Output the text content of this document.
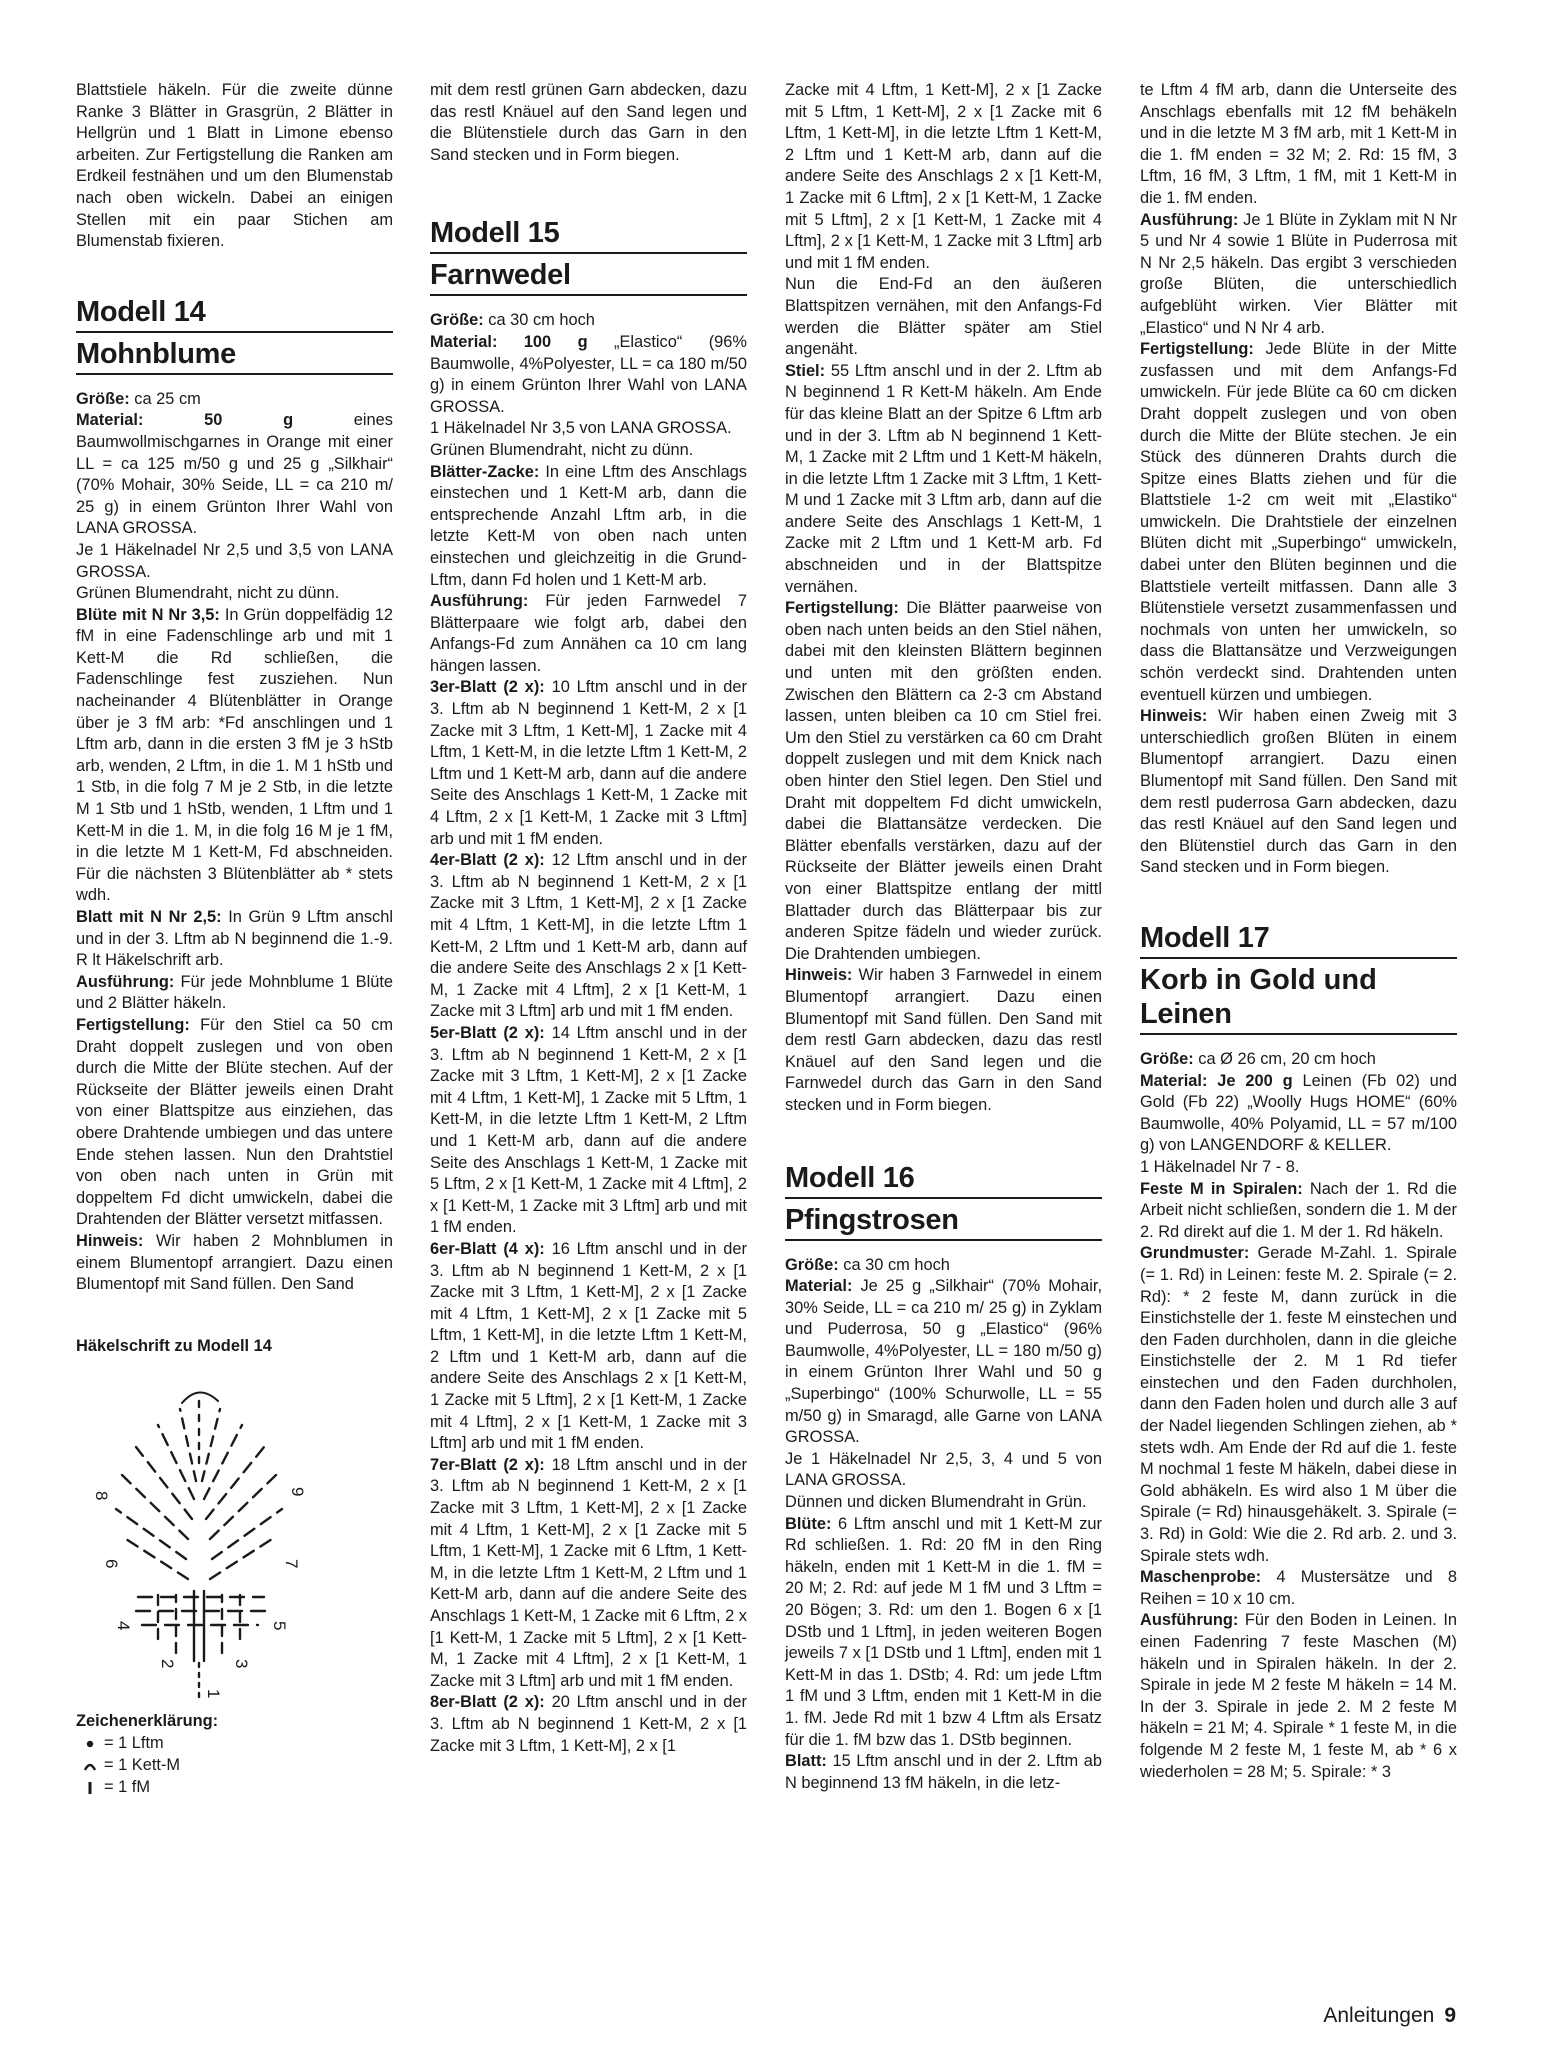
Blattstiele häkeln. Für die zweite dünne Ranke 3 Blätter in Grasgrün, 2 Blätter in Hellgrün und 1 Blatt in Limone ebenso arbeiten. Zur Fertigstellung die Ranken am Erdkeil festnähen und um den Blumenstab nach oben wickeln. Dabei an einigen Stellen mit ein paar Stichen am Blumenstab fixieren.

Modell 14
Mohnblume

Größe: ca 25 cm

Material: 50 g eines Baumwollmischgarnes in Orange mit einer LL = ca 125 m/50 g und 25 g „Silkhair“ (70% Mohair, 30% Seide, LL = ca 210 m/ 25 g) in einem Grünton Ihrer Wahl von LANA GROSSA.

Je 1 Häkelnadel Nr 2,5 und 3,5 von LANA GROSSA.

Grünen Blumendraht, nicht zu dünn.

Blüte mit N Nr 3,5: In Grün doppelfädig 12 fM in eine Fadenschlinge arb und mit 1 Kett-M die Rd schließen, die Fadenschlinge fest zusziehen. Nun nacheinander 4 Blütenblätter in Orange über je 3 fM arb: *Fd anschlingen und 1 Lftm arb, dann in die ersten 3 fM je 3 hStb arb, wenden, 2 Lftm, in die 1. M 1 hStb und 1 Stb, in die folg 7 M je 2 Stb, in die letzte M 1 Stb und 1 hStb, wenden, 1 Lftm und 1 Kett-M in die 1. M, in die folg 16 M je 1 fM, in die letzte M 1 Kett-M, Fd abschneiden. Für die nächsten 3 Blütenblätter ab * stets wdh.

Blatt mit N Nr 2,5: In Grün 9 Lftm anschl und in der 3. Lftm ab N beginnend die 1.-9. R lt Häkelschrift arb.

Ausführung: Für jede Mohnblume 1 Blüte und 2 Blätter häkeln.

Fertigstellung: Für den Stiel ca 50 cm Draht doppelt zuslegen und von oben durch die Mitte der Blüte stechen. Auf der Rückseite der Blätter jeweils einen Draht von einer Blattspitze aus einziehen, das obere Drahtende umbiegen und das untere Ende stehen lassen. Nun den Drahtstiel von oben nach unten in Grün mit doppeltem Fd dicht umwickeln, dabei die Drahtenden der Blätter versetzt mitfassen.

Hinweis: Wir haben 2 Mohnblumen in einem Blumentopf arrangiert. Dazu einen Blumentopf mit Sand füllen. Den Sand

Häkelschrift zu Modell 14
1
2	3
4	5
6	7
8	9
Zeichenerklärung:
= 1 Lftm
= 1 Kett-M
= 1 fM

mit dem restl grünen Garn abdecken, dazu das restl Knäuel auf den Sand legen und die Blütenstiele durch das Garn in den Sand stecken und in Form biegen.

Modell 15
Farnwedel

Größe: ca 30 cm hoch

Material: 100 g „Elastico“ (96% Baumwolle, 4%Polyester, LL = ca 180 m/50 g) in einem Grünton Ihrer Wahl von LANA GROSSA.

1 Häkelnadel Nr 3,5 von LANA GROSSA.

Grünen Blumendraht, nicht zu dünn.

Blätter-Zacke: In eine Lftm des Anschlags einstechen und 1 Kett-M arb, dann die entsprechende Anzahl Lftm arb, in die letzte Kett-M von oben nach unten einstechen und gleichzeitig in die Grund-Lftm, dann Fd holen und 1 Kett-M arb.

Ausführung: Für jeden Farnwedel 7 Blätterpaare wie folgt arb, dabei den Anfangs-Fd zum Annähen ca 10 cm lang hängen lassen.

3er-Blatt (2 x): 10 Lftm anschl und in der 3. Lftm ab N beginnend 1 Kett-M, 2 x [1 Zacke mit 3 Lftm, 1 Kett-M], 1 Zacke mit 4 Lftm, 1 Kett-M, in die letzte Lftm 1 Kett-M, 2 Lftm und 1 Kett-M arb, dann auf die andere Seite des Anschlags 1 Kett-M, 1 Zacke mit 4 Lftm, 2 x [1 Kett-M, 1 Zacke mit 3 Lftm] arb und mit 1 fM enden.

4er-Blatt (2 x): 12 Lftm anschl und in der 3. Lftm ab N beginnend 1 Kett-M, 2 x [1 Zacke mit 3 Lftm, 1 Kett-M], 2 x [1 Zacke mit 4 Lftm, 1 Kett-M], in die letzte Lftm 1 Kett-M, 2 Lftm und 1 Kett-M arb, dann auf die andere Seite des Anschlags 2 x [1 Kett-M, 1 Zacke mit 4 Lftm], 2 x [1 Kett-M, 1 Zacke mit 3 Lftm] arb und mit 1 fM enden.

5er-Blatt (2 x): 14 Lftm anschl und in der 3. Lftm ab N beginnend 1 Kett-M, 2 x [1 Zacke mit 3 Lftm, 1 Kett-M], 2 x [1 Zacke mit 4 Lftm, 1 Kett-M], 1 Zacke mit 5 Lftm, 1 Kett-M, in die letzte Lftm 1 Kett-M, 2 Lftm und 1 Kett-M arb, dann auf die andere Seite des Anschlags 1 Kett-M, 1 Zacke mit 5 Lftm, 2 x [1 Kett-M, 1 Zacke mit 4 Lftm], 2 x [1 Kett-M, 1 Zacke mit 3 Lftm] arb und mit 1 fM enden.

6er-Blatt (4 x): 16 Lftm anschl und in der 3. Lftm ab N beginnend 1 Kett-M, 2 x [1 Zacke mit 3 Lftm, 1 Kett-M], 2 x [1 Zacke mit 4 Lftm, 1 Kett-M], 2 x [1 Zacke mit 5 Lftm, 1 Kett-M], in die letzte Lftm 1 Kett-M, 2 Lftm und 1 Kett-M arb, dann auf die andere Seite des Anschlags 2 x [1 Kett-M, 1 Zacke mit 5 Lftm], 2 x [1 Kett-M, 1 Zacke mit 4 Lftm], 2 x [1 Kett-M, 1 Zacke mit 3 Lftm] arb und mit 1 fM enden.

7er-Blatt (2 x): 18 Lftm anschl und in der 3. Lftm ab N beginnend 1 Kett-M, 2 x [1 Zacke mit 3 Lftm, 1 Kett-M], 2 x [1 Zacke mit 4 Lftm, 1 Kett-M], 2 x [1 Zacke mit 5 Lftm, 1 Kett-M], 1 Zacke mit 6 Lftm, 1 Kett-M, in die letzte Lftm 1 Kett-M, 2 Lftm und 1 Kett-M arb, dann auf die andere Seite des Anschlags 1 Kett-M, 1 Zacke mit 6 Lftm, 2 x [1 Kett-M, 1 Zacke mit 5 Lftm], 2 x [1 Kett-M, 1 Zacke mit 4 Lftm], 2 x [1 Kett-M, 1 Zacke mit 3 Lftm] arb und mit 1 fM enden.

8er-Blatt (2 x): 20 Lftm anschl und in der 3. Lftm ab N beginnend 1 Kett-M, 2 x [1 Zacke mit 3 Lftm, 1 Kett-M], 2 x [1

Zacke mit 4 Lftm, 1 Kett-M], 2 x [1 Zacke mit 5 Lftm, 1 Kett-M], 2 x [1 Zacke mit 6 Lftm, 1 Kett-M], in die letzte Lftm 1 Kett-M, 2 Lftm und 1 Kett-M arb, dann auf die andere Seite des Anschlags 2 x [1 Kett-M, 1 Zacke mit 6 Lftm], 2 x [1 Kett-M, 1 Zacke mit 5 Lftm], 2 x [1 Kett-M, 1 Zacke mit 4 Lftm], 2 x [1 Kett-M, 1 Zacke mit 3 Lftm] arb und mit 1 fM enden.

Nun die End-Fd an den äußeren Blattspitzen vernähen, mit den Anfangs-Fd werden die Blätter später am Stiel angenäht.

Stiel: 55 Lftm anschl und in der 2. Lftm ab N beginnend 1 R Kett-M häkeln. Am Ende für das kleine Blatt an der Spitze 6 Lftm arb und in der 3. Lftm ab N beginnend 1 Kett-M, 1 Zacke mit 2 Lftm und 1 Kett-M häkeln, in die letzte Lftm 1 Zacke mit 3 Lftm, 1 Kett-M und 1 Zacke mit 3 Lftm arb, dann auf die andere Seite des Anschlags 1 Kett-M, 1 Zacke mit 2 Lftm und 1 Kett-M arb. Fd abschneiden und in der Blattspitze vernähen.

Fertigstellung: Die Blätter paarweise von oben nach unten beids an den Stiel nähen, dabei mit den kleinsten Blättern beginnen und unten mit den größten enden. Zwischen den Blättern ca 2-3 cm Abstand lassen, unten bleiben ca 10 cm Stiel frei. Um den Stiel zu verstärken ca 60 cm Draht doppelt zuslegen und mit dem Knick nach oben hinter den Stiel legen. Den Stiel und Draht mit doppeltem Fd dicht umwickeln, dabei die Blattansätze verdecken. Die Blätter ebenfalls verstärken, dazu auf der Rückseite der Blätter jeweils einen Draht von einer Blattspitze entlang der mittl Blattader durch das Blätterpaar bis zur anderen Spitze fädeln und wieder zurück. Die Drahtenden umbiegen.

Hinweis: Wir haben 3 Farnwedel in einem Blumentopf arrangiert. Dazu einen Blumentopf mit Sand füllen. Den Sand mit dem restl Garn abdecken, dazu das restl Knäuel auf den Sand legen und die Farnwedel durch das Garn in den Sand stecken und in Form biegen.

Modell 16
Pfingstrosen

Größe: ca 30 cm hoch

Material: Je 25 g „Silkhair“ (70% Mohair, 30% Seide, LL = ca 210 m/ 25 g) in Zyklam und Puderrosa, 50 g „Elastico“ (96% Baumwolle, 4%Polyester, LL = 180 m/50 g) in einem Grünton Ihrer Wahl und 50 g „Superbingo“ (100% Schurwolle, LL = 55 m/50 g) in Smaragd, alle Garne von LANA GROSSA.

Je 1 Häkelnadel Nr 2,5, 3, 4 und 5 von LANA GROSSA.

Dünnen und dicken Blumendraht in Grün.

Blüte: 6 Lftm anschl und mit 1 Kett-M zur Rd schließen. 1. Rd: 20 fM in den Ring häkeln, enden mit 1 Kett-M in die 1. fM = 20 M; 2. Rd: auf jede M 1 fM und 3 Lftm = 20 Bögen; 3. Rd: um den 1. Bogen 6 x [1 DStb und 1 Lftm], in jeden weiteren Bogen jeweils 7 x [1 DStb und 1 Lftm], enden mit 1 Kett-M in das 1. DStb; 4. Rd: um jede Lftm 1 fM und 3 Lftm, enden mit 1 Kett-M in die 1. fM. Jede Rd mit 1 bzw 4 Lftm als Ersatz für die 1. fM bzw das 1. DStb beginnen.

Blatt: 15 Lftm anschl und in der 2. Lftm ab N beginnend 13 fM häkeln, in die letz-

te Lftm 4 fM arb, dann die Unterseite des Anschlags ebenfalls mit 12 fM behäkeln und in die letzte M 3 fM arb, mit 1 Kett-M in die 1. fM enden = 32 M; 2. Rd: 15 fM, 3 Lftm, 16 fM, 3 Lftm, 1 fM, mit 1 Kett-M in die 1. fM enden.

Ausführung: Je 1 Blüte in Zyklam mit N Nr 5 und Nr 4 sowie 1 Blüte in Puderrosa mit N Nr 2,5 häkeln. Das ergibt 3 verschieden große Blüten, die unterschiedlich aufgeblüht wirken. Vier Blätter mit „Elastico“ und N Nr 4 arb.

Fertigstellung: Jede Blüte in der Mitte zusfassen und mit dem Anfangs-Fd umwickeln. Für jede Blüte ca 60 cm dicken Draht doppelt zuslegen und von oben durch die Mitte der Blüte stechen. Je ein Stück des dünneren Drahts durch die Spitze eines Blatts ziehen und für die Blattstiele 1-2 cm weit mit „Elastiko“ umwickeln. Die Drahtstiele der einzelnen Blüten dicht mit „Superbingo“ umwickeln, dabei unter den Blüten beginnen und die Blattstiele verteilt mitfassen. Dann alle 3 Blütenstiele versetzt zusammenfassen und nochmals von unten her umwickeln, so dass die Blattansätze und Verzweigungen schön verdeckt sind. Drahtenden unten eventuell kürzen und umbiegen.

Hinweis: Wir haben einen Zweig mit 3 unterschiedlich großen Blüten in einem Blumentopf arrangiert. Dazu einen Blumentopf mit Sand füllen. Den Sand mit dem restl puderrosa Garn abdecken, dazu das restl Knäuel auf den Sand legen und den Blütenstiel durch das Garn in den Sand stecken und in Form biegen.

Modell 17
Korb in Gold und
Leinen

Größe: ca Ø 26 cm, 20 cm hoch

Material: Je 200 g Leinen (Fb 02) und Gold (Fb 22) „Woolly Hugs HOME“ (60% Baumwolle, 40% Polyamid, LL = 57 m/100 g) von LANGENDORF & KELLER.

1 Häkelnadel Nr 7 - 8.

Feste M in Spiralen: Nach der 1. Rd die Arbeit nicht schließen, sondern die 1. M der 2. Rd direkt auf die 1. M der 1. Rd häkeln.

Grundmuster: Gerade M-Zahl. 1. Spirale (= 1. Rd) in Leinen: feste M. 2. Spirale (= 2. Rd): * 2 feste M, dann zurück in die Einstichstelle der 1. feste M einstechen und den Faden durchholen, dann in die gleiche Einstichstelle der 2. M 1 Rd tiefer einstechen und den Faden durchholen, dann den Faden holen und durch alle 3 auf der Nadel liegenden Schlingen ziehen, ab * stets wdh. Am Ende der Rd auf die 1. feste M nochmal 1 feste M häkeln, dabei diese in Gold abhäkeln. Es wird also 1 M über die Spirale (= Rd) hinausgehäkelt. 3. Spirale (= 3. Rd) in Gold: Wie die 2. Rd arb. 2. und 3. Spirale stets wdh.

Maschenprobe: 4 Mustersätze und 8 Reihen = 10 x 10 cm.

Ausführung: Für den Boden in Leinen. In einen Fadenring 7 feste Maschen (M) häkeln und in Spiralen häkeln. In der 2. Spirale in jede M 2 feste M häkeln = 14 M. In der 3. Spirale in jede 2. M 2 feste M häkeln = 21 M; 4. Spirale * 1 feste M, in die folgende M 2 feste M, 1 feste M, ab * 6 x wiederholen = 28 M; 5. Spirale: * 3

Anleitungen 9
